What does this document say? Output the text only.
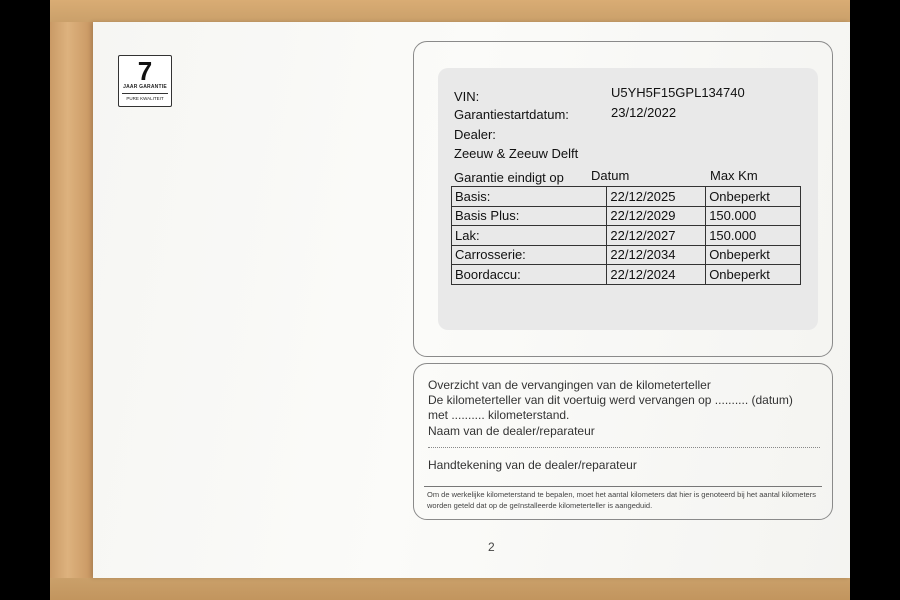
7
JAAR GARANTIE
PURE KWALITEIT	VIN:	U5YH5F15GPL134740
Garantiestartdatum:	23/12/2022
Dealer:
Zeeuw & Zeeuw Delft
Garantie eindigt op Datum	Max Km
Basis:	22/12/2025	Onbeperkt
Basis Plus:	22/12/2029	150.000
Lak:	22/12/2027	150.000
Carrosserie:	22/12/2034	Onbeperkt
Boordaccu:	22/12/2024	Onbeperkt
Overzicht van de vervangingen van de kilometerteller
De kilometerteller van dit voertuig werd vervangen op .......... (datum)
met .......... kilometerstand.
Naam van de dealer/reparateur
Handtekening van de dealer/reparateur
Om de werkelijke kilometerstand te bepalen, moet het aantal kilometers dat hier is genoteerd bij het aantal kilometers worden geteld dat op de geïnstalleerde kilometerteller is aangeduid.
2
